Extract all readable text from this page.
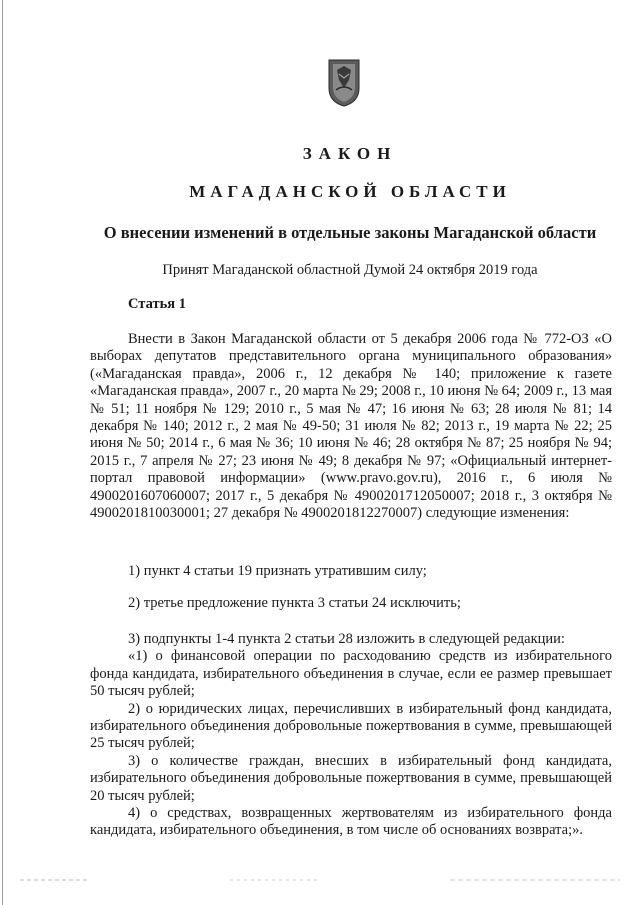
ЗАКОН
МАГАДАНСКОЙ ОБЛАСТИ
О внесении изменений в отдельные законы Магаданской области
Принят Магаданской областной Думой 24 октября 2019 года
Статья 1
Внести в Закон Магаданской области от 5 декабря 2006 года № 772-ОЗ «О выборах депутатов представительного органа муниципального образования» («Магаданская правда», 2006 г., 12 декабря № 140; приложение к газете «Магаданская правда», 2007 г., 20 марта № 29; 2008 г., 10 июня № 64; 2009 г., 13 мая № 51; 11 ноября № 129; 2010 г., 5 мая № 47; 16 июня № 63; 28 июля № 81; 14 декабря № 140; 2012 г., 2 мая № 49-50; 31 июля № 82; 2013 г., 19 марта № 22; 25 июня № 50; 2014 г., 6 мая № 36; 10 июня № 46; 28 октября № 87; 25 ноября № 94; 2015 г., 7 апреля № 27; 23 июня № 49; 8 декабря № 97; «Официальный интернет-портал правовой информации» (www.pravo.gov.ru), 2016 г., 6 июля № 4900201607060007; 2017 г., 5 декабря № 4900201712050007; 2018 г., 3 октября № 4900201810030001; 27 декабря № 4900201812270007) следующие изменения:
1) пункт 4 статьи 19 признать утратившим силу;
2) третье предложение пункта 3 статьи 24 исключить;

3) подпункты 1-4 пункта 2 статьи 28 изложить в следующей редакции:

«1) о финансовой операции по расходованию средств из избирательного фонда кандидата, избирательного объединения в случае, если ее размер превышает 50 тысяч рублей;

2) о юридических лицах, перечисливших в избирательный фонд кандидата, избирательного объединения добровольные пожертвования в сумме, превышающей 25 тысяч рублей;

3) о количестве граждан, внесших в избирательный фонд кандидата, избирательного объединения добровольные пожертвования в сумме, превышающей 20 тысяч рублей;

4) о средствах, возвращенных жертвователям из избирательного фонда кандидата, избирательного объединения, в том числе об основаниях возврата;».
